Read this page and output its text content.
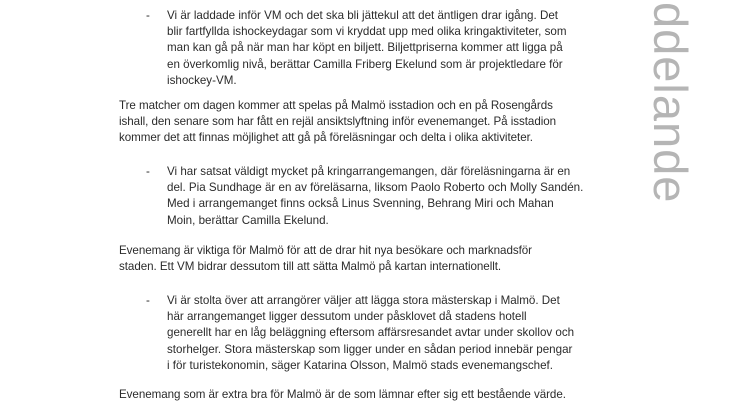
- Vi är laddade inför VM och det ska bli jättekul att det äntligen drar igång. Det
blir fartfyllda ishockeydagar som vi kryddat upp med olika kringaktiviteter, som
man kan gå på när man har köpt en biljett. Biljettpriserna kommer att ligga på
en överkomlig nivå, berättar Camilla Friberg Ekelund som är projektledare för
ishockey-VM.
Tre matcher om dagen kommer att spelas på Malmö isstadion och en på Rosengårds
ishall, den senare som har fått en rejäl ansiktslyftning inför evenemanget. På isstadion
kommer det att finnas möjlighet att gå på föreläsningar och delta i olika aktiviteter.
- Vi har satsat väldigt mycket på kringarrangemangen, där föreläsningarna är en
del. Pia Sundhage är en av föreläsarna, liksom Paolo Roberto och Molly Sandén.
Med i arrangemanget finns också Linus Svenning, Behrang Miri och Mahan
Moin, berättar Camilla Ekelund.
Evenemang är viktiga för Malmö för att de drar hit nya besökare och marknadsför
staden. Ett VM bidrar dessutom till att sätta Malmö på kartan internationellt.
- Vi är stolta över att arrangörer väljer att lägga stora mästerskap i Malmö. Det
här arrangemanget ligger dessutom under påsklovet då stadens hotell
generellt har en låg beläggning eftersom affärsresandet avtar under skollov och
storhelger. Stora mästerskap som ligger under en sådan period innebär pengar
i för turistekonomin, säger Katarina Olsson, Malmö stads evenemangschef.
Evenemang som är extra bra för Malmö är de som lämnar efter sig ett bestående värde.
ddelande
